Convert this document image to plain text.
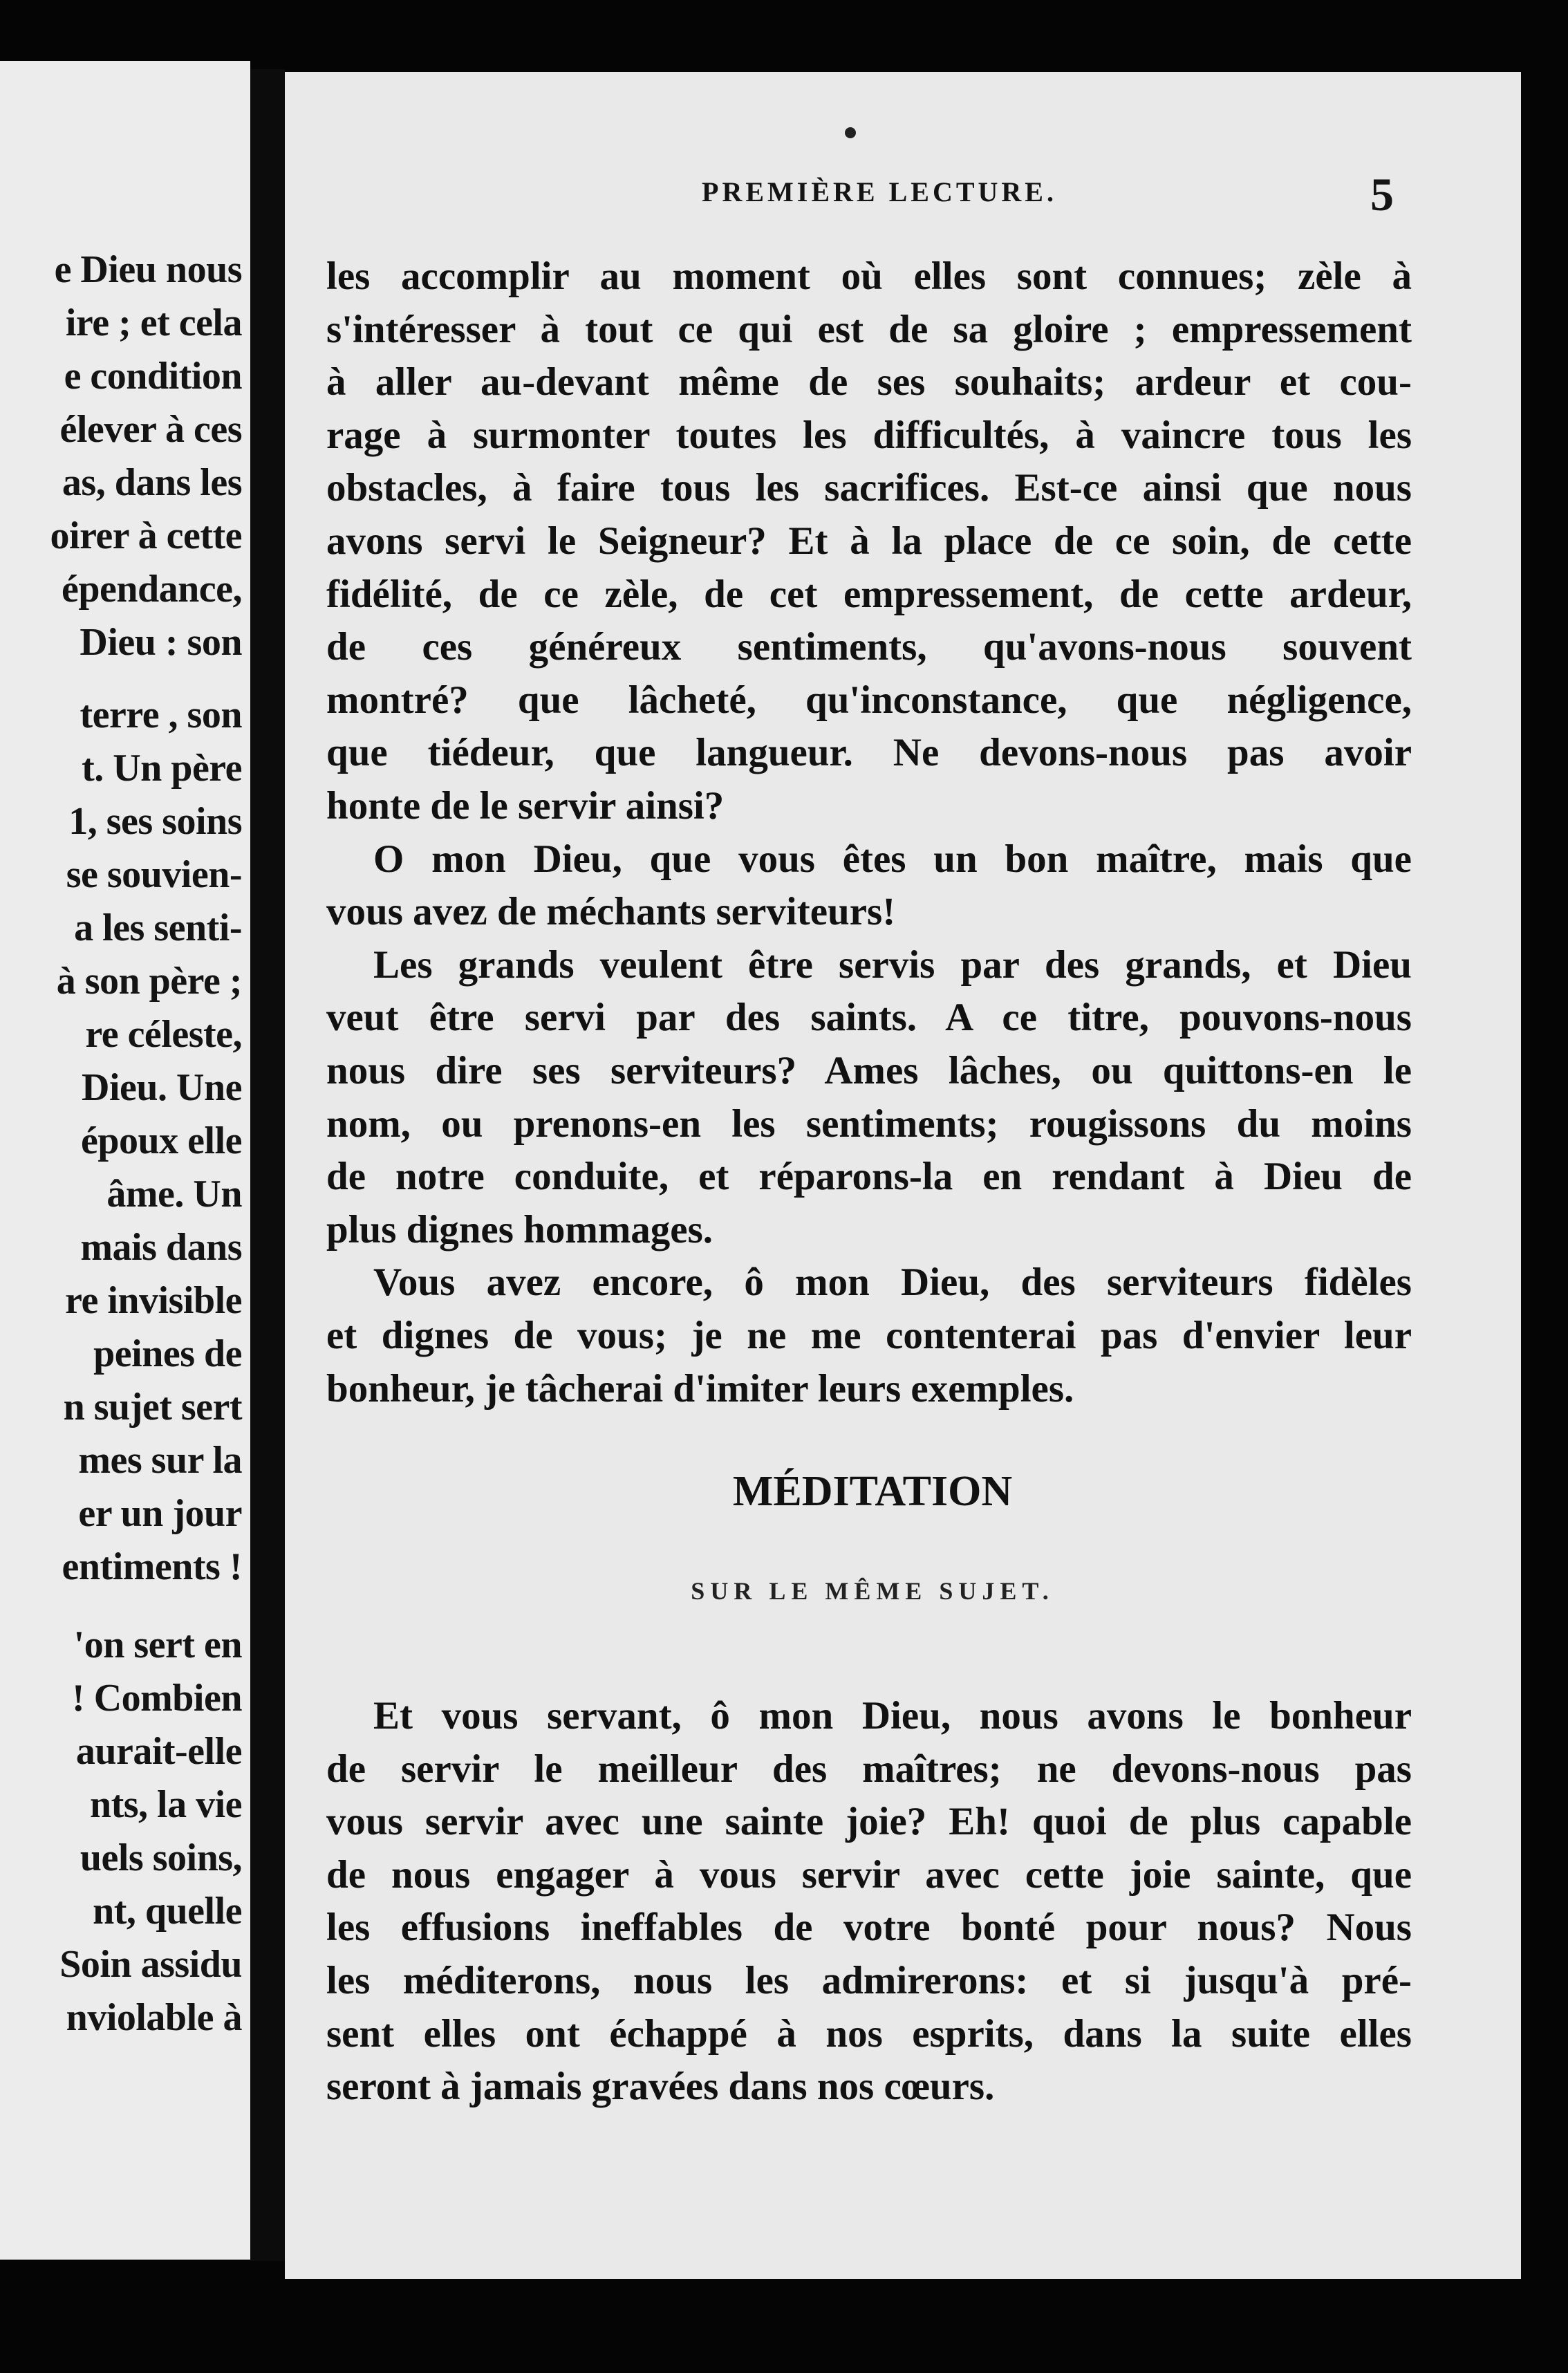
e Dieu nous
ire ; et cela
e condition
élever à ces
as, dans les
oirer à cette
épendance,
Dieu : son
terre , son
t. Un père
1, ses soins
se souvien-
a les senti-
à son père ;
re céleste,
Dieu. Une
époux elle
âme. Un
mais dans
re invisible
peines de
n sujet sert
mes sur la
er un jour
entiments !
'on sert en
! Combien
aurait-elle
nts, la vie
uels soins,
nt, quelle
Soin assidu
nviolable à
PREMIÈRE LECTURE.	5
les accomplir au moment où elles sont connues; zèle à
s'intéresser à tout ce qui est de sa gloire ; empressement
à aller au-devant même de ses souhaits; ardeur et cou-
rage à surmonter toutes les difficultés, à vaincre tous les
obstacles, à faire tous les sacrifices. Est-ce ainsi que nous
avons servi le Seigneur? Et à la place de ce soin, de cette
fidélité, de ce zèle, de cet empressement, de cette ardeur,
de ces généreux sentiments, qu'avons-nous souvent
montré? que lâcheté, qu'inconstance, que négligence,
que tiédeur, que langueur. Ne devons-nous pas avoir
honte de le servir ainsi?
O mon Dieu, que vous êtes un bon maître, mais que
vous avez de méchants serviteurs!
Les grands veulent être servis par des grands, et Dieu
veut être servi par des saints. A ce titre, pouvons-nous
nous dire ses serviteurs? Ames lâches, ou quittons-en le
nom, ou prenons-en les sentiments; rougissons du moins
de notre conduite, et réparons-la en rendant à Dieu de
plus dignes hommages.
Vous avez encore, ô mon Dieu, des serviteurs fidèles
et dignes de vous; je ne me contenterai pas d'envier leur
bonheur, je tâcherai d'imiter leurs exemples.
MÉDITATION
SUR LE MÊME SUJET.
Et vous servant, ô mon Dieu, nous avons le bonheur
de servir le meilleur des maîtres; ne devons-nous pas
vous servir avec une sainte joie? Eh! quoi de plus capable
de nous engager à vous servir avec cette joie sainte, que
les effusions ineffables de votre bonté pour nous? Nous
les méditerons, nous les admirerons: et si jusqu'à pré-
sent elles ont échappé à nos esprits, dans la suite elles
seront à jamais gravées dans nos cœurs.
